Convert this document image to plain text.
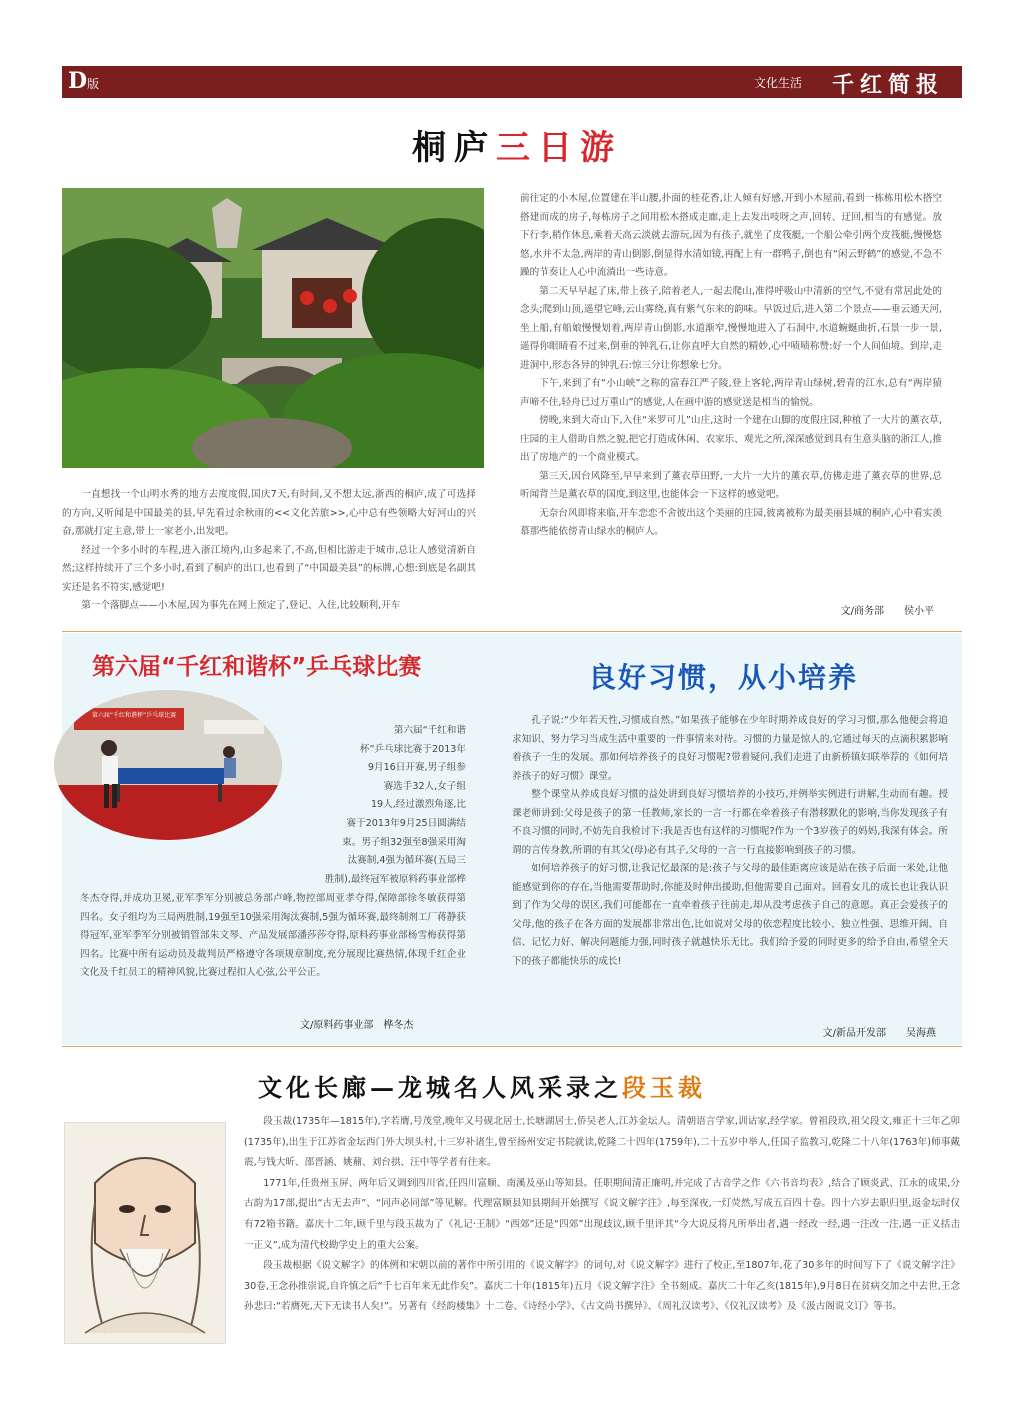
D版	文化生活 千红简报
桐庐三日游

一直想找一个山明水秀的地方去度度假,国庆7天,有时间,又不想太远,浙西的桐庐,成了可选择的方向,又听闻是中国最美的县,早先看过余秋雨的<<文化苦旅>>,心中总有些领略大好河山的兴奋,那就打定主意,带上一家老小,出发吧。

经过一个多小时的车程,进入浙江境内,山多起来了,不高,但相比游走于城市,总让人感觉清新自然;这样持续开了三个多小时,看到了桐庐的出口,也看到了“中国最美县”的标牌,心想:到底是名副其实还是名不符实,感觉吧!

第一个落脚点——小木屋,因为事先在网上预定了,登记、入住,比较顺利,开车

前往定的小木屋,位置建在半山腰,扑面的桂花香,让人倾有好感,开到小木屋前,看到一栋栋用松木搭空搭建而成的房子,每栋房子之间用松木搭成走廊,走上去发出吱呀之声,回转、迂回,相当的有感觉。放下行李,稍作休息,乘着天高云淡就去游玩,因为有孩子,就坐了皮筏艇,一个船公牵引两个皮筏艇,慢慢悠悠,水并不太急,两岸的青山倒影,倒显得水清如镜,再配上有一群鸭子,倒也有“闲云野鹤”的感觉,不急不躁的节奏让人心中流淌出一些诗意。

第二天早早起了床,带上孩子,陪着老人,一起去爬山,准得呼吸山中清新的空气,不觉有常居此处的念头;爬到山顶,遥望它峰,云山雾绕,真有紫气东来的韵味。早饭过后,进入第二个景点——垂云通天河,坐上船,有船娘慢慢划着,两岸青山倒影,水道渐窄,慢慢地进入了石洞中,水道蜿蜒曲折,石景一步一景,遥得你眼睛看不过来,倒垂的钟乳石,让你直呼大自然的精妙,心中啧啧称赞:好一个人间仙境。到岸,走进洞中,形态各异的钟乳石:惊三分让你想象七分。

下午,来到了有“小山峡”之称的富春江严子陵,登上客轮,两岸青山绿树,碧青的江水,总有“两岸猿声啼不住,轻舟已过万重山”的感觉,人在画中游的感觉送是相当的愉悦。

傍晚,来到大奇山下,入住“米罗可儿”山庄,这时一个建在山脚的度假庄园,种植了一大片的薰衣草,庄园的主人借助自然之貌,把它打造成休闲、农家乐、观光之所,深深感觉到具有生意头脑的浙江人,推出了房地产的一个商业模式。

第三天,因台风降至,早早来到了薰衣草田野,一大片一大片的薰衣草,仿佛走进了薰衣草的世界,总听闻背兰是薰衣草的国度,到这里,也能体会一下这样的感觉吧。

无奈台风即将来临,开车恋恋不舍彼出这个美丽的庄园,彼离被称为最美丽县城的桐庐,心中看实羡慕那些能依傍青山绿水的桐庐人。

文/商务部　　侯小平
第六届“千红和谐杯”乒乓球比赛
第六届“千红和谐杯”乒乓球比赛
第六届“千红和谐
杯”乒乓球比赛于2013年
9月16日开赛,男子组参
赛选手32人,女子组
19人,经过激烈角逐,比
赛于2013年9月25日圆满结
束。男子组32强至8强采用淘
汰赛制,4强为循环赛(五局三
胜制),最终冠军被原料药事业部桦

冬杰夺得,并成功卫冕,亚军季军分别被总务部卢峰,物控部周亚孝夺得,保障部徐冬敏获得第四名。女子组均为三局两胜制,19强至10强采用淘汰赛制,5强为循环赛,最终制剂工厂蒋静获得冠军,亚军季军分别被销管部朱文琴、产品发展部潘莎莎夺得,原料药事业部杨雪梅获得第四名。比赛中所有运动员及裁判员严格遵守各项规章制度,充分展现比赛热情,体现千红企业文化及千红员工的精神风貌,比赛过程扣人心弦,公平公正。

文/原料药事业部　桦冬杰
良好习惯，从小培养

孔子说:“少年若天性,习惯成自然。”如果孩子能够在少年时期养成良好的学习习惯,那么他便会将追求知识、努力学习当成生活中重要的一件事情来对待。习惯的力量是惊人的,它通过每天的点滴积累影响着孩子一生的发展。那如何培养孩子的良好习惯呢?带着疑问,我们走进了由新桥镇妇联举荐的《如何培养孩子的好习惯》课堂。

整个课堂从养成良好习惯的益处讲到良好习惯培养的小技巧,并例举实例进行讲解,生动而有趣。授课老师讲到:父母是孩子的第一任教师,家长的一言一行都在牵着孩子有潜移默化的影响,当你发现孩子有不良习惯的同时,不妨先自我检讨下:我是否也有这样的习惯呢?作为一个3岁孩子的妈妈,我深有体会。所谓的言传身教,所谓的有其父(母)必有其子,父母的一言一行直接影响到孩子的习惯。

如何培养孩子的好习惯,让我记忆最深的是:孩子与父母的最佳距离应该是站在孩子后面一米处,让他能感觉到你的存在,当他需要帮助时,你能及时伸出援助,但他需要自己面对。回看女儿的成长也让我认识到了作为父母的误区,我们可能都在一直牵着孩子往前走,却从没考虑孩子自己的意愿。真正会爱孩子的父母,他的孩子在各方面的发展都非常出色,比如说对父母的依恋程度比较小、独立性强、思维开阔、自信、记忆力好、解决问题能力强,同时孩子就越快乐无比。我们给予爱的同时更多的给予自由,希望全天下的孩子都能快乐的成长!

文/新品开发部　　吴海燕
文化长廊—龙城名人风采录之段玉裁

段玉裁(1735年—1815年),字若膺,号茂堂,晚年又号砚北居士,长塘湖居士,侨吴老人,江苏金坛人。清朝语言学家,训诂家,经学家。曾祖段玖,祖父段文,雍正十三年乙卯(1735年),出生于江苏省金坛西门外大坝头村,十三岁补诸生,曾至扬州安定书院就读,乾隆二十四年(1759年),二十五岁中举人,任国子监教习,乾隆二十八年(1763年)师事戴震,与钱大昕、邵晋涵、姚鼐、刘台拱、汪中等学者有往来。

1771年,任贵州玉屏、两年后又调到四川省,任四川富顺、南溪及巫山等知县。任职期间清正廉明,并完成了古音学之作《六书音均表》,结合了顾炎武、江永的成果,分古韵为17部,提出“古无去声”、“同声必同部”等见解。代理富顺县知县期间开始撰写《说文解字注》,每至深夜,一灯荧然,写成五百四十卷。四十六岁去职归里,返金坛时仅有72箱书籍。嘉庆十二年,顾千里与段玉裁为了《礼记·王制》“西郊”还是“四郊”出现歧议,顾千里评其“今大说反将凡所举出者,遇一经改一经,遇一注改一注,遇一正义括击一正义”,成为清代校勘学史上的重大公案。

段玉裁根据《说文解字》的体例和宋朝以前的著作中所引用的《说文解字》的词句,对《说文解字》进行了校正,至1807年,花了30多年的时间写下了《说文解字注》30卷,王念孙推崇说,自许慎之后“千七百年来无此作矣”。嘉庆二十年(1815年)五月《说文解字注》全书刻成。嘉庆二十年乙亥(1815年),9月8日在贫病交加之中去世,王念孙悲曰:“若膺死,天下无读书人矣!”。另著有《经韵楼集》十二卷、《诗经小学》、《古文尚书撰异》、《周礼汉读考》、《仪礼汉读考》及《汲古阁说文订》等书。
